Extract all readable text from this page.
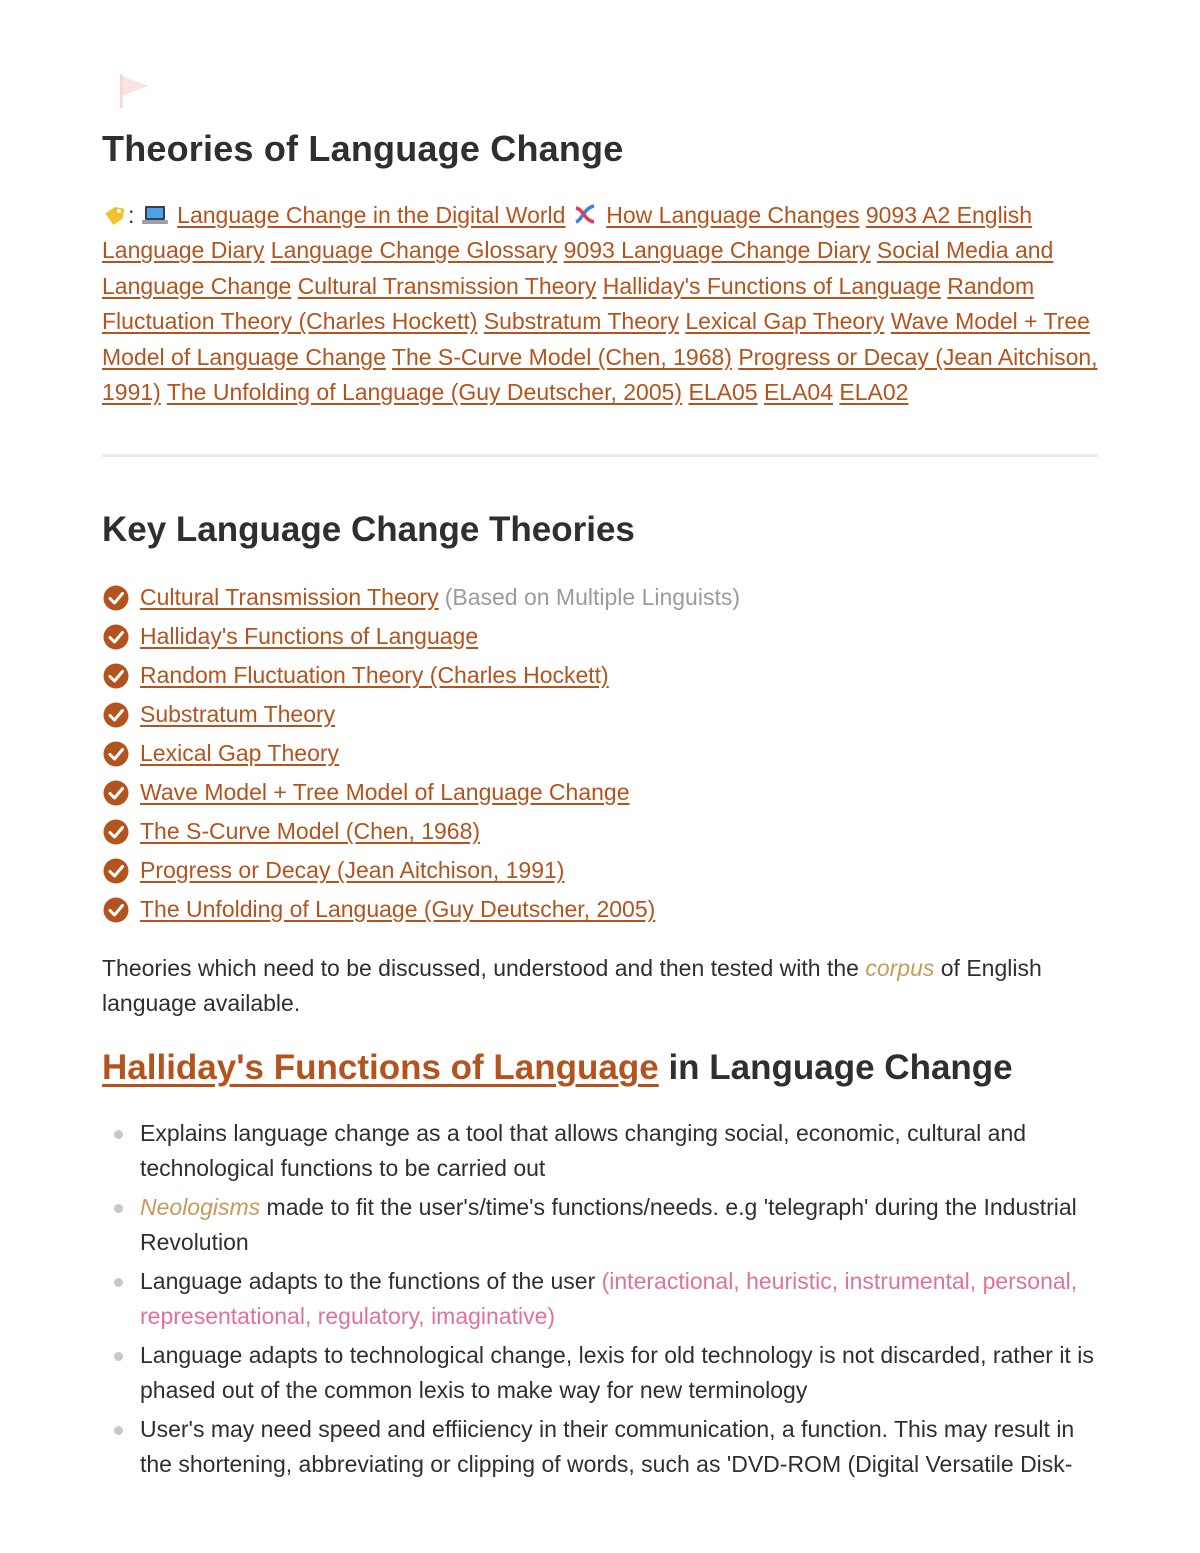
Theories of Language Change
: Language Change in the Digital World How Language Changes 9093 A2 English Language Diary Language Change Glossary 9093 Language Change Diary Social Media and Language Change Cultural Transmission Theory Halliday's Functions of Language Random Fluctuation Theory (Charles Hockett) Substratum Theory Lexical Gap Theory Wave Model + Tree Model of Language Change The S-Curve Model (Chen, 1968) Progress or Decay (Jean Aitchison, 1991) The Unfolding of Language (Guy Deutscher, 2005) ELA05 ELA04 ELA02
Key Language Change Theories
Cultural Transmission Theory (Based on Multiple Linguists)
Halliday's Functions of Language
Random Fluctuation Theory (Charles Hockett)
Substratum Theory
Lexical Gap Theory
Wave Model + Tree Model of Language Change
The S-Curve Model (Chen, 1968)
Progress or Decay (Jean Aitchison, 1991)
The Unfolding of Language (Guy Deutscher, 2005)

Theories which need to be discussed, understood and then tested with the corpus of English language available.

Halliday's Functions of Language in Language Change
Explains language change as a tool that allows changing social, economic, cultural and technological functions to be carried out
Neologisms made to fit the user's/time's functions/needs. e.g 'telegraph' during the Industrial Revolution
Language adapts to the functions of the user (interactional, heuristic, instrumental, personal, representational, regulatory, imaginative)
Language adapts to technological change, lexis for old technology is not discarded, rather it is phased out of the common lexis to make way for new terminology
User's may need speed and effiiciency in their communication, a function. This may result in the shortening, abbreviating or clipping of words, such as 'DVD-ROM (Digital Versatile Disk-
